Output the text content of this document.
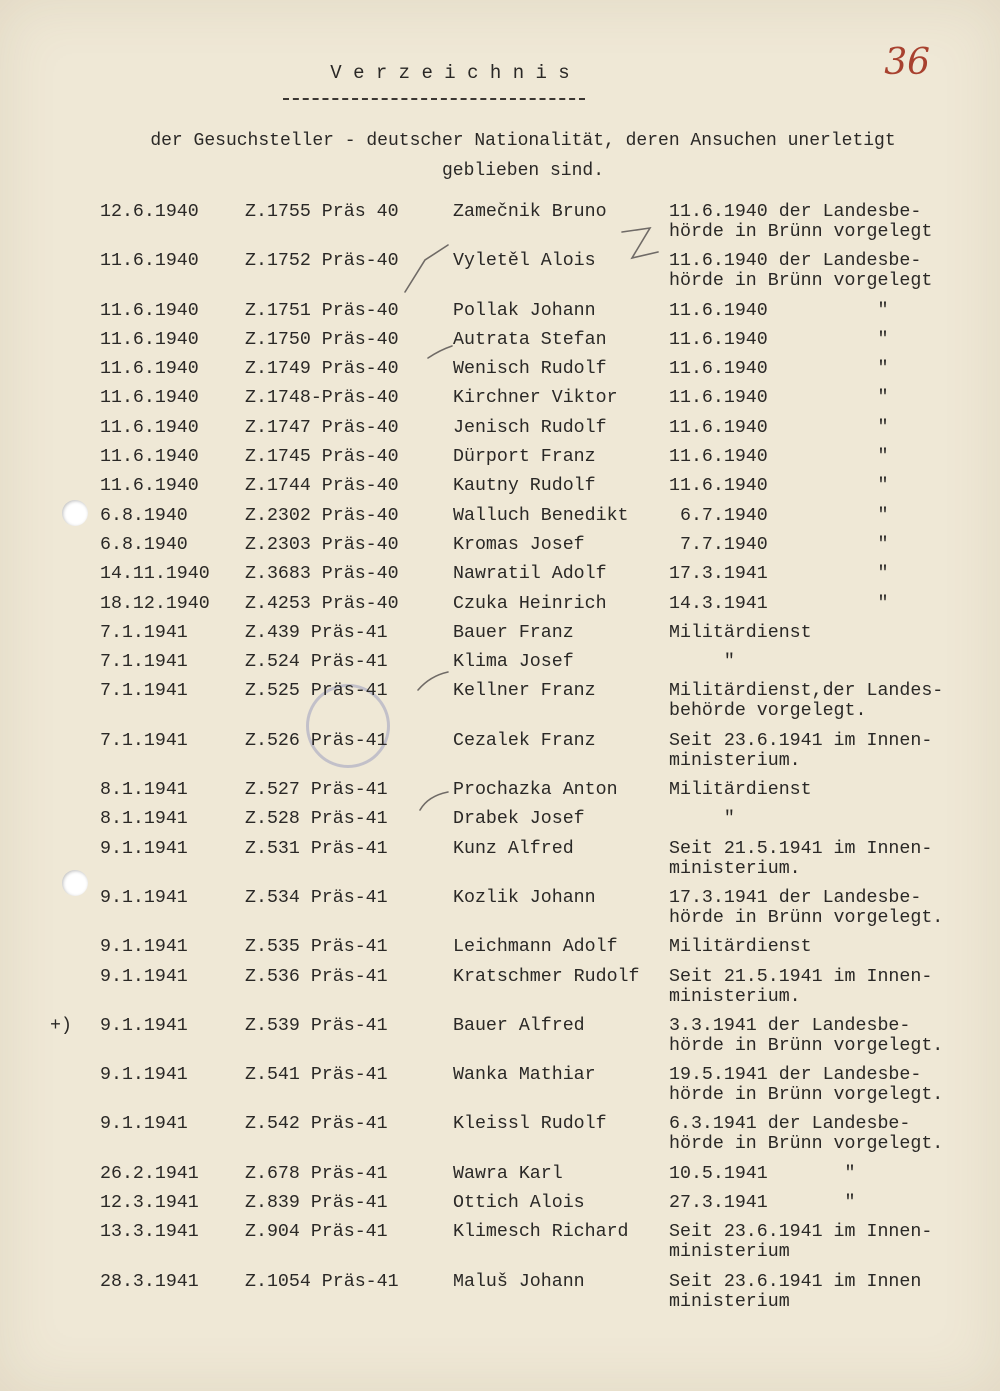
36
V e r z e i c h n i s
der Gesuchsteller - deutscher Nationalität, deren Ansuchen unerletigt geblieben sind.
12.6.1940	Z.1755 Präs 40	Zamečnik Bruno	11.6.1940 der Landesbe-
hörde in Brünn vorgelegt
11.6.1940	Z.1752 Präs-40	Vyletěl Alois	11.6.1940 der Landesbe-
hörde in Brünn vorgelegt
11.6.1940	Z.1751 Präs-40	Pollak Johann	11.6.1940          "
11.6.1940	Z.1750 Präs-40	Autrata Stefan	11.6.1940          "
11.6.1940	Z.1749 Präs-40	Wenisch Rudolf	11.6.1940          "
11.6.1940	Z.1748-Präs-40	Kirchner Viktor	11.6.1940          "
11.6.1940	Z.1747 Präs-40	Jenisch Rudolf	11.6.1940          "
11.6.1940	Z.1745 Präs-40	Dürport Franz	11.6.1940          "
11.6.1940	Z.1744 Präs-40	Kautny Rudolf	11.6.1940          "
6.8.1940	Z.2302 Präs-40	Walluch Benedikt 6.7.1940          "
6.8.1940	Z.2303 Präs-40	Kromas Josef	7.7.1940          "
14.11.1940 Z.3683 Präs-40	Nawratil Adolf	17.3.1941          "
18.12.1940 Z.4253 Präs-40	Czuka Heinrich	14.3.1941          "
7.1.1941	Z.439 Präs-41	Bauer Franz	Militärdienst
7.1.1941	Z.524 Präs-41	Klima Josef	"
7.1.1941	Z.525 Präs-41	Kellner Franz	Militärdienst,der Landes-
behörde vorgelegt.
7.1.1941	Z.526 Präs-41	Cezalek Franz	Seit 23.6.1941 im Innen-
ministerium.
8.1.1941	Z.527 Präs-41	Prochazka Anton	Militärdienst
8.1.1941	Z.528 Präs-41	Drabek Josef	"
9.1.1941	Z.531 Präs-41	Kunz Alfred	Seit 21.5.1941 im Innen-
ministerium.
9.1.1941	Z.534 Präs-41	Kozlik Johann	17.3.1941 der Landesbe-
hörde in Brünn vorgelegt.
9.1.1941	Z.535 Präs-41	Leichmann Adolf	Militärdienst
9.1.1941	Z.536 Präs-41	Kratschmer Rudolf Seit 21.5.1941 im Innen-
ministerium.
+) 9.1.1941	Z.539 Präs-41	Bauer Alfred	3.3.1941 der Landesbe-
hörde in Brünn vorgelegt.
9.1.1941	Z.541 Präs-41	Wanka Mathiar	19.5.1941 der Landesbe-
hörde in Brünn vorgelegt.
9.1.1941	Z.542 Präs-41	Kleissl Rudolf	6.3.1941 der Landesbe-
hörde in Brünn vorgelegt.
26.2.1941	Z.678 Präs-41	Wawra Karl	10.5.1941       "
12.3.1941	Z.839 Präs-41	Ottich Alois	27.3.1941       "
13.3.1941	Z.904 Präs-41	Klimesch Richard Seit 23.6.1941 im Innen-
ministerium
28.3.1941	Z.1054 Präs-41	Maluš Johann	Seit 23.6.1941 im Innen
ministerium
